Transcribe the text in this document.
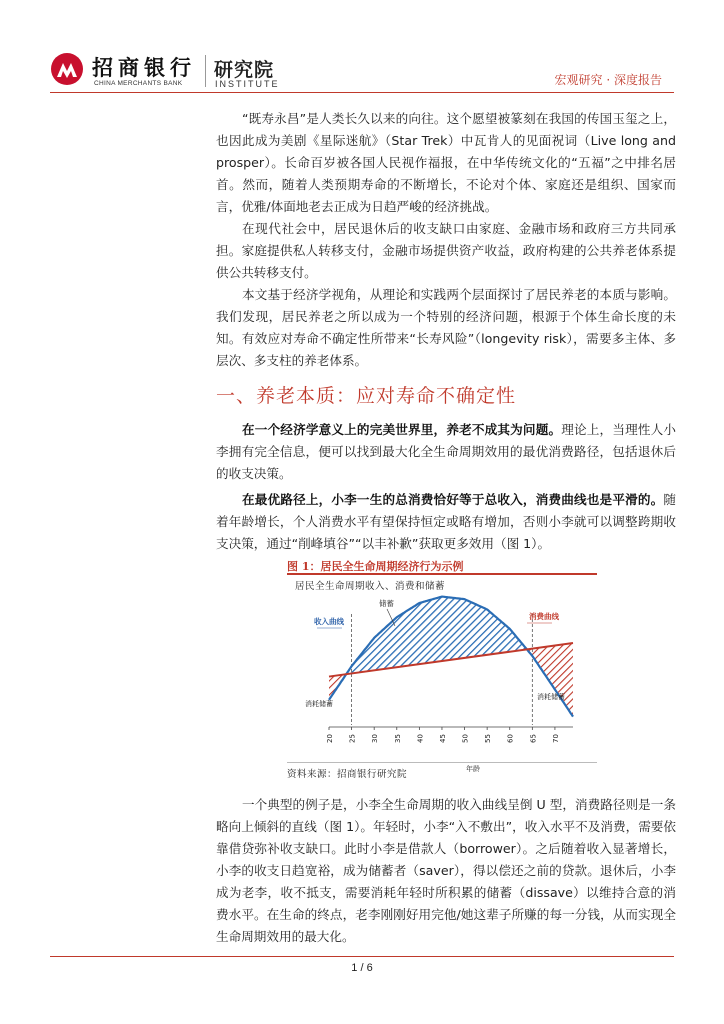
招商银行
CHINA MERCHANTS BANK
研究院
INSTITUTE	宏观研究 · 深度报告

“既寿永昌”是人类长久以来的向往。这个愿望被篆刻在我国的传国玉玺之上，也因此成为美剧《星际迷航》（Star Trek）中瓦肯人的见面祝词（Live long and prosper）。长命百岁被各国人民视作福报，在中华传统文化的“五福”之中排名居首。然而，随着人类预期寿命的不断增长，不论对个体、家庭还是组织、国家而言，优雅/体面地老去正成为日趋严峻的经济挑战。

在现代社会中，居民退休后的收支缺口由家庭、金融市场和政府三方共同承担。家庭提供私人转移支付，金融市场提供资产收益，政府构建的公共养老体系提供公共转移支付。

本文基于经济学视角，从理论和实践两个层面探讨了居民养老的本质与影响。我们发现，居民养老之所以成为一个特别的经济问题，根源于个体生命长度的未知。有效应对寿命不确定性所带来“长寿风险”（longevity risk），需要多主体、多层次、多支柱的养老体系。

一、养老本质：应对寿命不确定性

在一个经济学意义上的完美世界里，养老不成其为问题。理论上，当理性人小李拥有完全信息，便可以找到最大化全生命周期效用的最优消费路径，包括退休后的收支决策。

在最优路径上，小李一生的总消费恰好等于总收入，消费曲线也是平滑的。随着年龄增长，个人消费水平有望保持恒定或略有增加，否则小李就可以调整跨期收支决策，通过“削峰填谷”“以丰补歉”获取更多效用（图 1）。

图 1：居民全生命周期经济行为示例
居民全生命周期收入、消费和储蓄
20 25 30 35 40 45 50 55 60 65 70
储蓄
收入曲线
消费曲线
消耗储蓄
消耗储蓄
年龄
资料来源：招商银行研究院

一个典型的例子是，小李全生命周期的收入曲线呈倒 U 型，消费路径则是一条略向上倾斜的直线（图 1）。年轻时，小李“入不敷出”，收入水平不及消费，需要依靠借贷弥补收支缺口。此时小李是借款人（borrower）。之后随着收入显著增长，小李的收支日趋宽裕，成为储蓄者（saver），得以偿还之前的贷款。退休后，小李成为老李，收不抵支，需要消耗年轻时所积累的储蓄（dissave）以维持合意的消费水平。在生命的终点，老李刚刚好用完他/她这辈子所赚的每一分钱，从而实现全生命周期效用的最大化。

1 / 6
